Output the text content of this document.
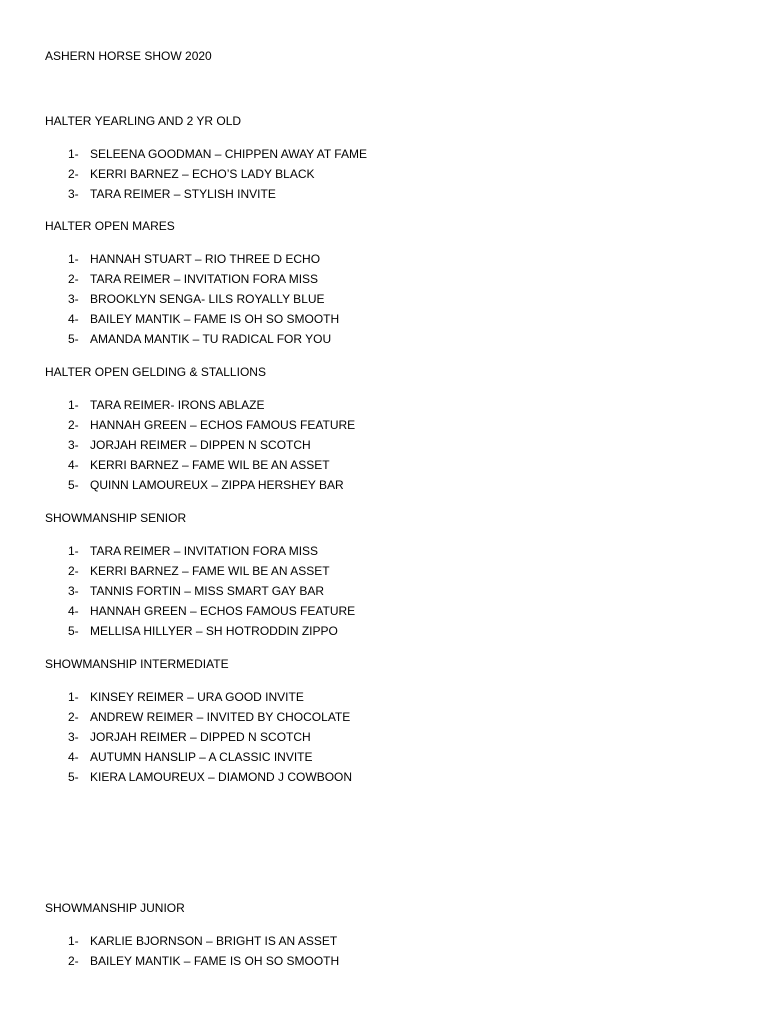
ASHERN HORSE SHOW 2020
HALTER YEARLING AND 2 YR OLD
1- SELEENA GOODMAN – CHIPPEN AWAY AT FAME
2- KERRI BARNEZ – ECHO’S LADY BLACK
3- TARA REIMER – STYLISH INVITE
HALTER OPEN MARES
1- HANNAH STUART – RIO THREE D ECHO
2- TARA REIMER – INVITATION FORA MISS
3- BROOKLYN SENGA- LILS ROYALLY BLUE
4- BAILEY MANTIK – FAME IS OH SO SMOOTH
5- AMANDA MANTIK – TU RADICAL FOR YOU
HALTER OPEN GELDING & STALLIONS
1- TARA REIMER- IRONS ABLAZE
2- HANNAH GREEN – ECHOS FAMOUS FEATURE
3- JORJAH REIMER – DIPPEN N SCOTCH
4- KERRI BARNEZ – FAME WIL BE AN ASSET
5- QUINN LAMOUREUX – ZIPPA HERSHEY BAR
SHOWMANSHIP SENIOR
1- TARA REIMER – INVITATION FORA MISS
2- KERRI BARNEZ – FAME WIL BE AN ASSET
3- TANNIS FORTIN – MISS SMART GAY BAR
4- HANNAH GREEN – ECHOS FAMOUS FEATURE
5- MELLISA HILLYER – SH HOTRODDIN ZIPPO
SHOWMANSHIP INTERMEDIATE
1- KINSEY REIMER – URA GOOD INVITE
2- ANDREW REIMER – INVITED BY CHOCOLATE
3- JORJAH REIMER – DIPPED N SCOTCH
4- AUTUMN HANSLIP – A CLASSIC INVITE
5- KIERA LAMOUREUX – DIAMOND J COWBOON
SHOWMANSHIP JUNIOR
1- KARLIE BJORNSON – BRIGHT IS AN ASSET
2- BAILEY MANTIK – FAME IS OH SO SMOOTH
